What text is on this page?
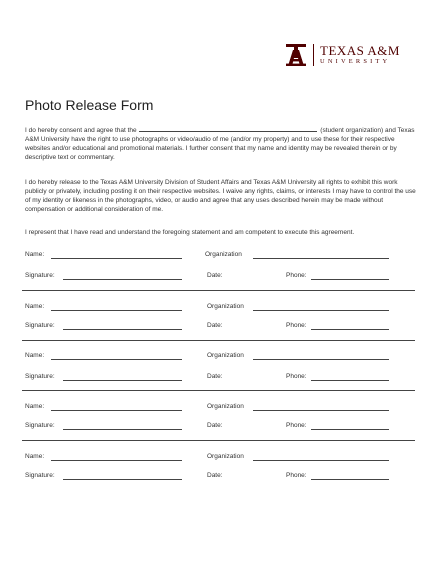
TEXAS A&M
UNIVERSITY
Photo Release Form

I do hereby consent and agree that the	(student organization) and Texas A&M University have the right to use photographs or video/audio of me (and/or my property) and to use these for their respective websites and/or educational and promotional materials. I further consent that my name and identity may be revealed therein or by descriptive text or commentary.

I do hereby release to the Texas A&M University Division of Student Affairs and Texas A&M University all rights to exhibit this work publicly or privately, including posting it on their respective websites. I waive any rights, claims, or interests I may have to control the use of my identity or likeness in the photographs, video, or audio and agree that any uses described herein may be made without compensation or additional consideration of me.

I represent that I have read and understand the foregoing statement and am competent to execute this agreement.

Name:	Organization
Signature:	Date:	Phone:
Name:	Organization
Signature:	Date:	Phone:
Name:	Organization
Signature:	Date:	Phone:
Name:	Organization
Signature:	Date:	Phone:
Name:	Organization
Signature:	Date:	Phone:
